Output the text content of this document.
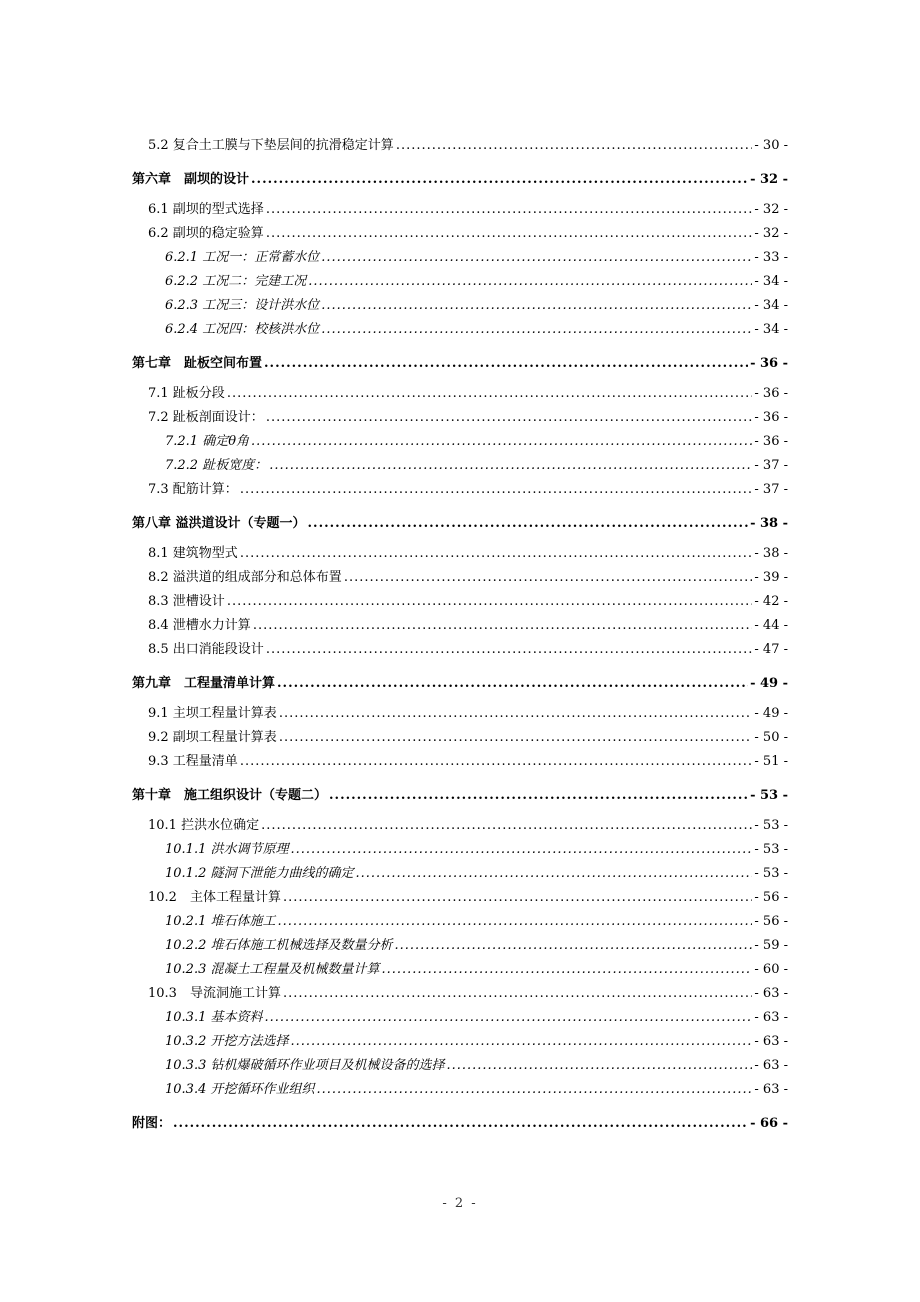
5.2 复合土工膜与下垫层间的抗滑稳定计算 .....	- 30 -
第六章　副坝的设计 .....	- 32 -
6.1 副坝的型式选择 .....	- 32 -
6.2 副坝的稳定验算 .....	- 32 -
6.2.1 工况一：正常蓄水位 .....	- 33 -
6.2.2 工况二：完建工况 .....	- 34 -
6.2.3 工况三：设计洪水位 .....	- 34 -
6.2.4 工况四：校核洪水位 .....	- 34 -
第七章　趾板空间布置 .....	- 36 -
7.1 趾板分段 .....	- 36 -
7.2 趾板剖面设计： .....	- 36 -
7.2.1 确定θ角 .....	- 36 -
7.2.2 趾板宽度： .....	- 37 -
7.3 配筋计算： .....	- 37 -
第八章 溢洪道设计（专题一） .....	- 38 -
8.1 建筑物型式 .....	- 38 -
8.2 溢洪道的组成部分和总体布置 .....	- 39 -
8.3 泄槽设计 .....	- 42 -
8.4 泄槽水力计算 .....	- 44 -
8.5 出口消能段设计 .....	- 47 -
第九章　工程量清单计算 .....	- 49 -
9.1 主坝工程量计算表 .....	- 49 -
9.2 副坝工程量计算表 .....	- 50 -
9.3 工程量清单 .....	- 51 -
第十章　施工组织设计（专题二） .....	- 53 -
10.1 拦洪水位确定 .....	- 53 -
10.1.1 洪水调节原理 .....	- 53 -
10.1.2 隧洞下泄能力曲线的确定 .....	- 53 -
10.2　主体工程量计算 .....	- 56 -
10.2.1 堆石体施工 .....	- 56 -
10.2.2 堆石体施工机械选择及数量分析 .....	- 59 -
10.2.3 混凝土工程量及机械数量计算 .....	- 60 -
10.3　导流洞施工计算 .....	- 63 -
10.3.1 基本资料 .....	- 63 -
10.3.2 开挖方法选择 .....	- 63 -
10.3.3 钻机爆破循环作业项目及机械设备的选择 .....	- 63 -
10.3.4 开挖循环作业组织 .....	- 63 -
附图： .....	- 66 -
- 2 -
